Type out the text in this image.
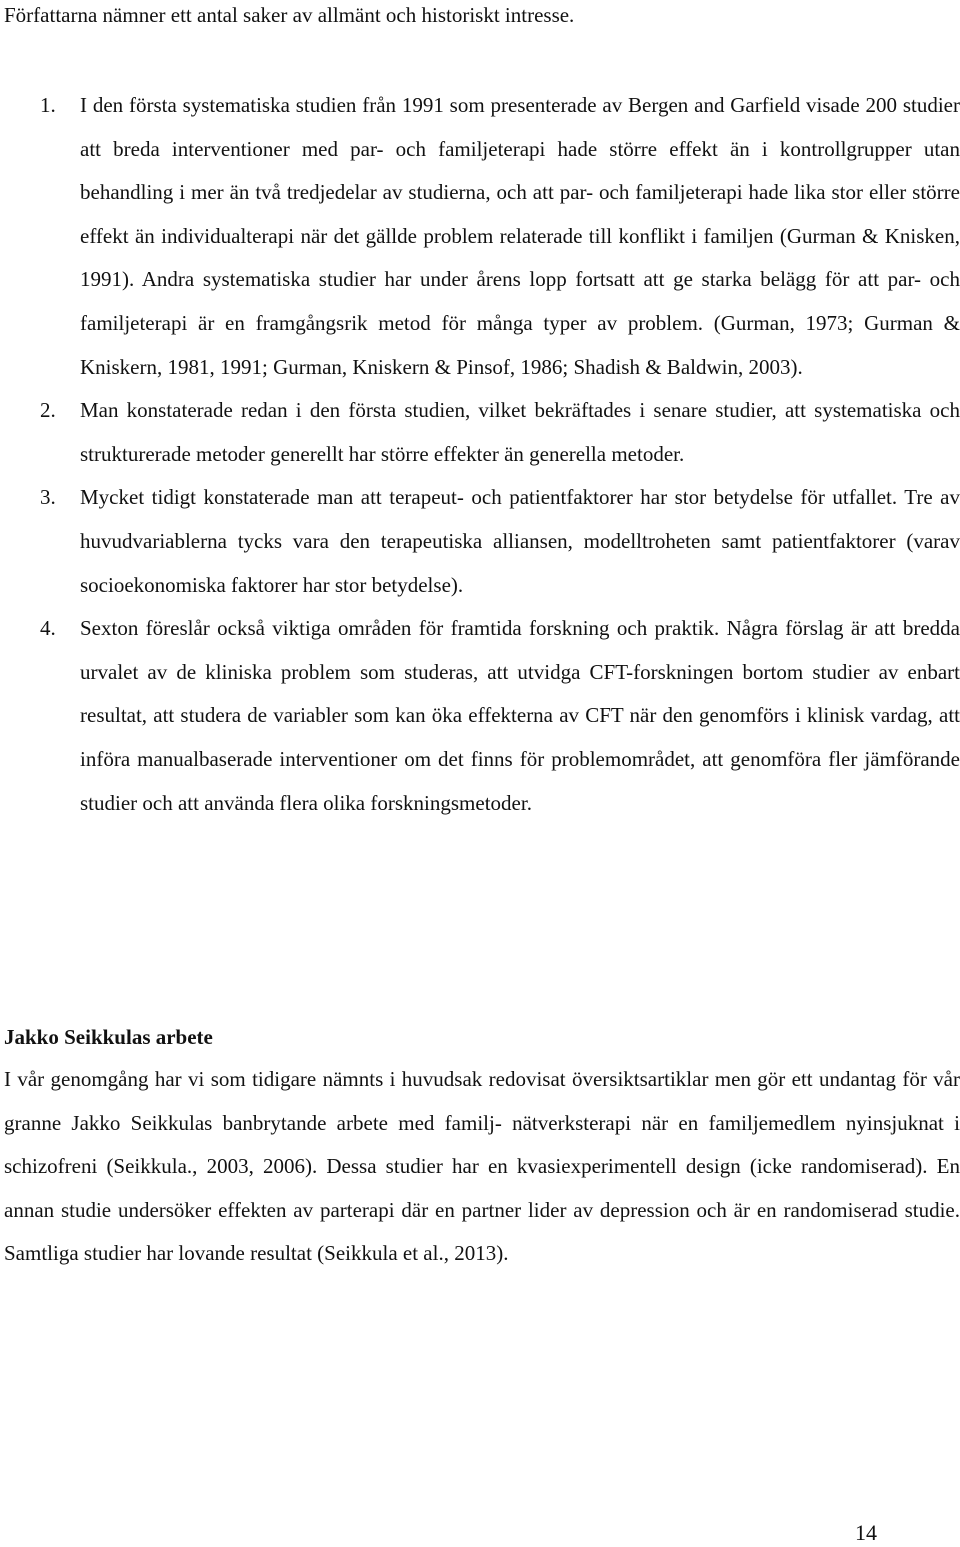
Författarna nämner ett antal saker av allmänt och historiskt intresse.

1. I den första systematiska studien från 1991 som presenterade av Bergen and Garfield visade 200 studier att breda interventioner med par- och familjeterapi hade större effekt än i kontrollgrupper utan behandling i mer än två tredjedelar av studierna, och att par- och familjeterapi hade lika stor eller större effekt än individualterapi när det gällde problem relaterade till konflikt i familjen (Gurman & Knisken, 1991). Andra systematiska studier har under årens lopp fortsatt att ge starka belägg för att par- och familjeterapi är en framgångsrik metod för många typer av problem. (Gurman, 1973; Gurman & Kniskern, 1981, 1991; Gurman, Kniskern & Pinsof, 1986; Shadish & Baldwin, 2003).
2. Man konstaterade redan i den första studien, vilket bekräftades i senare studier, att systematiska och strukturerade metoder generellt har större effekter än generella metoder.
3. Mycket tidigt konstaterade man att terapeut- och patientfaktorer har stor betydelse för utfallet. Tre av huvudvariablerna tycks vara den terapeutiska alliansen, modelltroheten samt patientfaktorer (varav socioekonomiska faktorer har stor betydelse).
4. Sexton föreslår också viktiga områden för framtida forskning och praktik. Några förslag är att bredda urvalet av de kliniska problem som studeras, att utvidga CFT-forskningen bortom studier av enbart resultat, att studera de variabler som kan öka effekterna av CFT när den genomförs i klinisk vardag, att införa manualbaserade interventioner om det finns för problemområdet, att genomföra fler jämförande studier och att använda flera olika forskningsmetoder.
Jakko Seikkulas arbete

I vår genomgång har vi som tidigare nämnts i huvudsak redovisat översiktsartiklar men gör ett undantag för vår granne Jakko Seikkulas banbrytande arbete med familj- nätverksterapi när en familjemedlem nyinsjuknat i schizofreni (Seikkula., 2003, 2006). Dessa studier har en kvasiexperimentell design (icke randomiserad). En annan studie undersöker effekten av parterapi där en partner lider av depression och är en randomiserad studie. Samtliga studier har lovande resultat (Seikkula et al., 2013).

14
